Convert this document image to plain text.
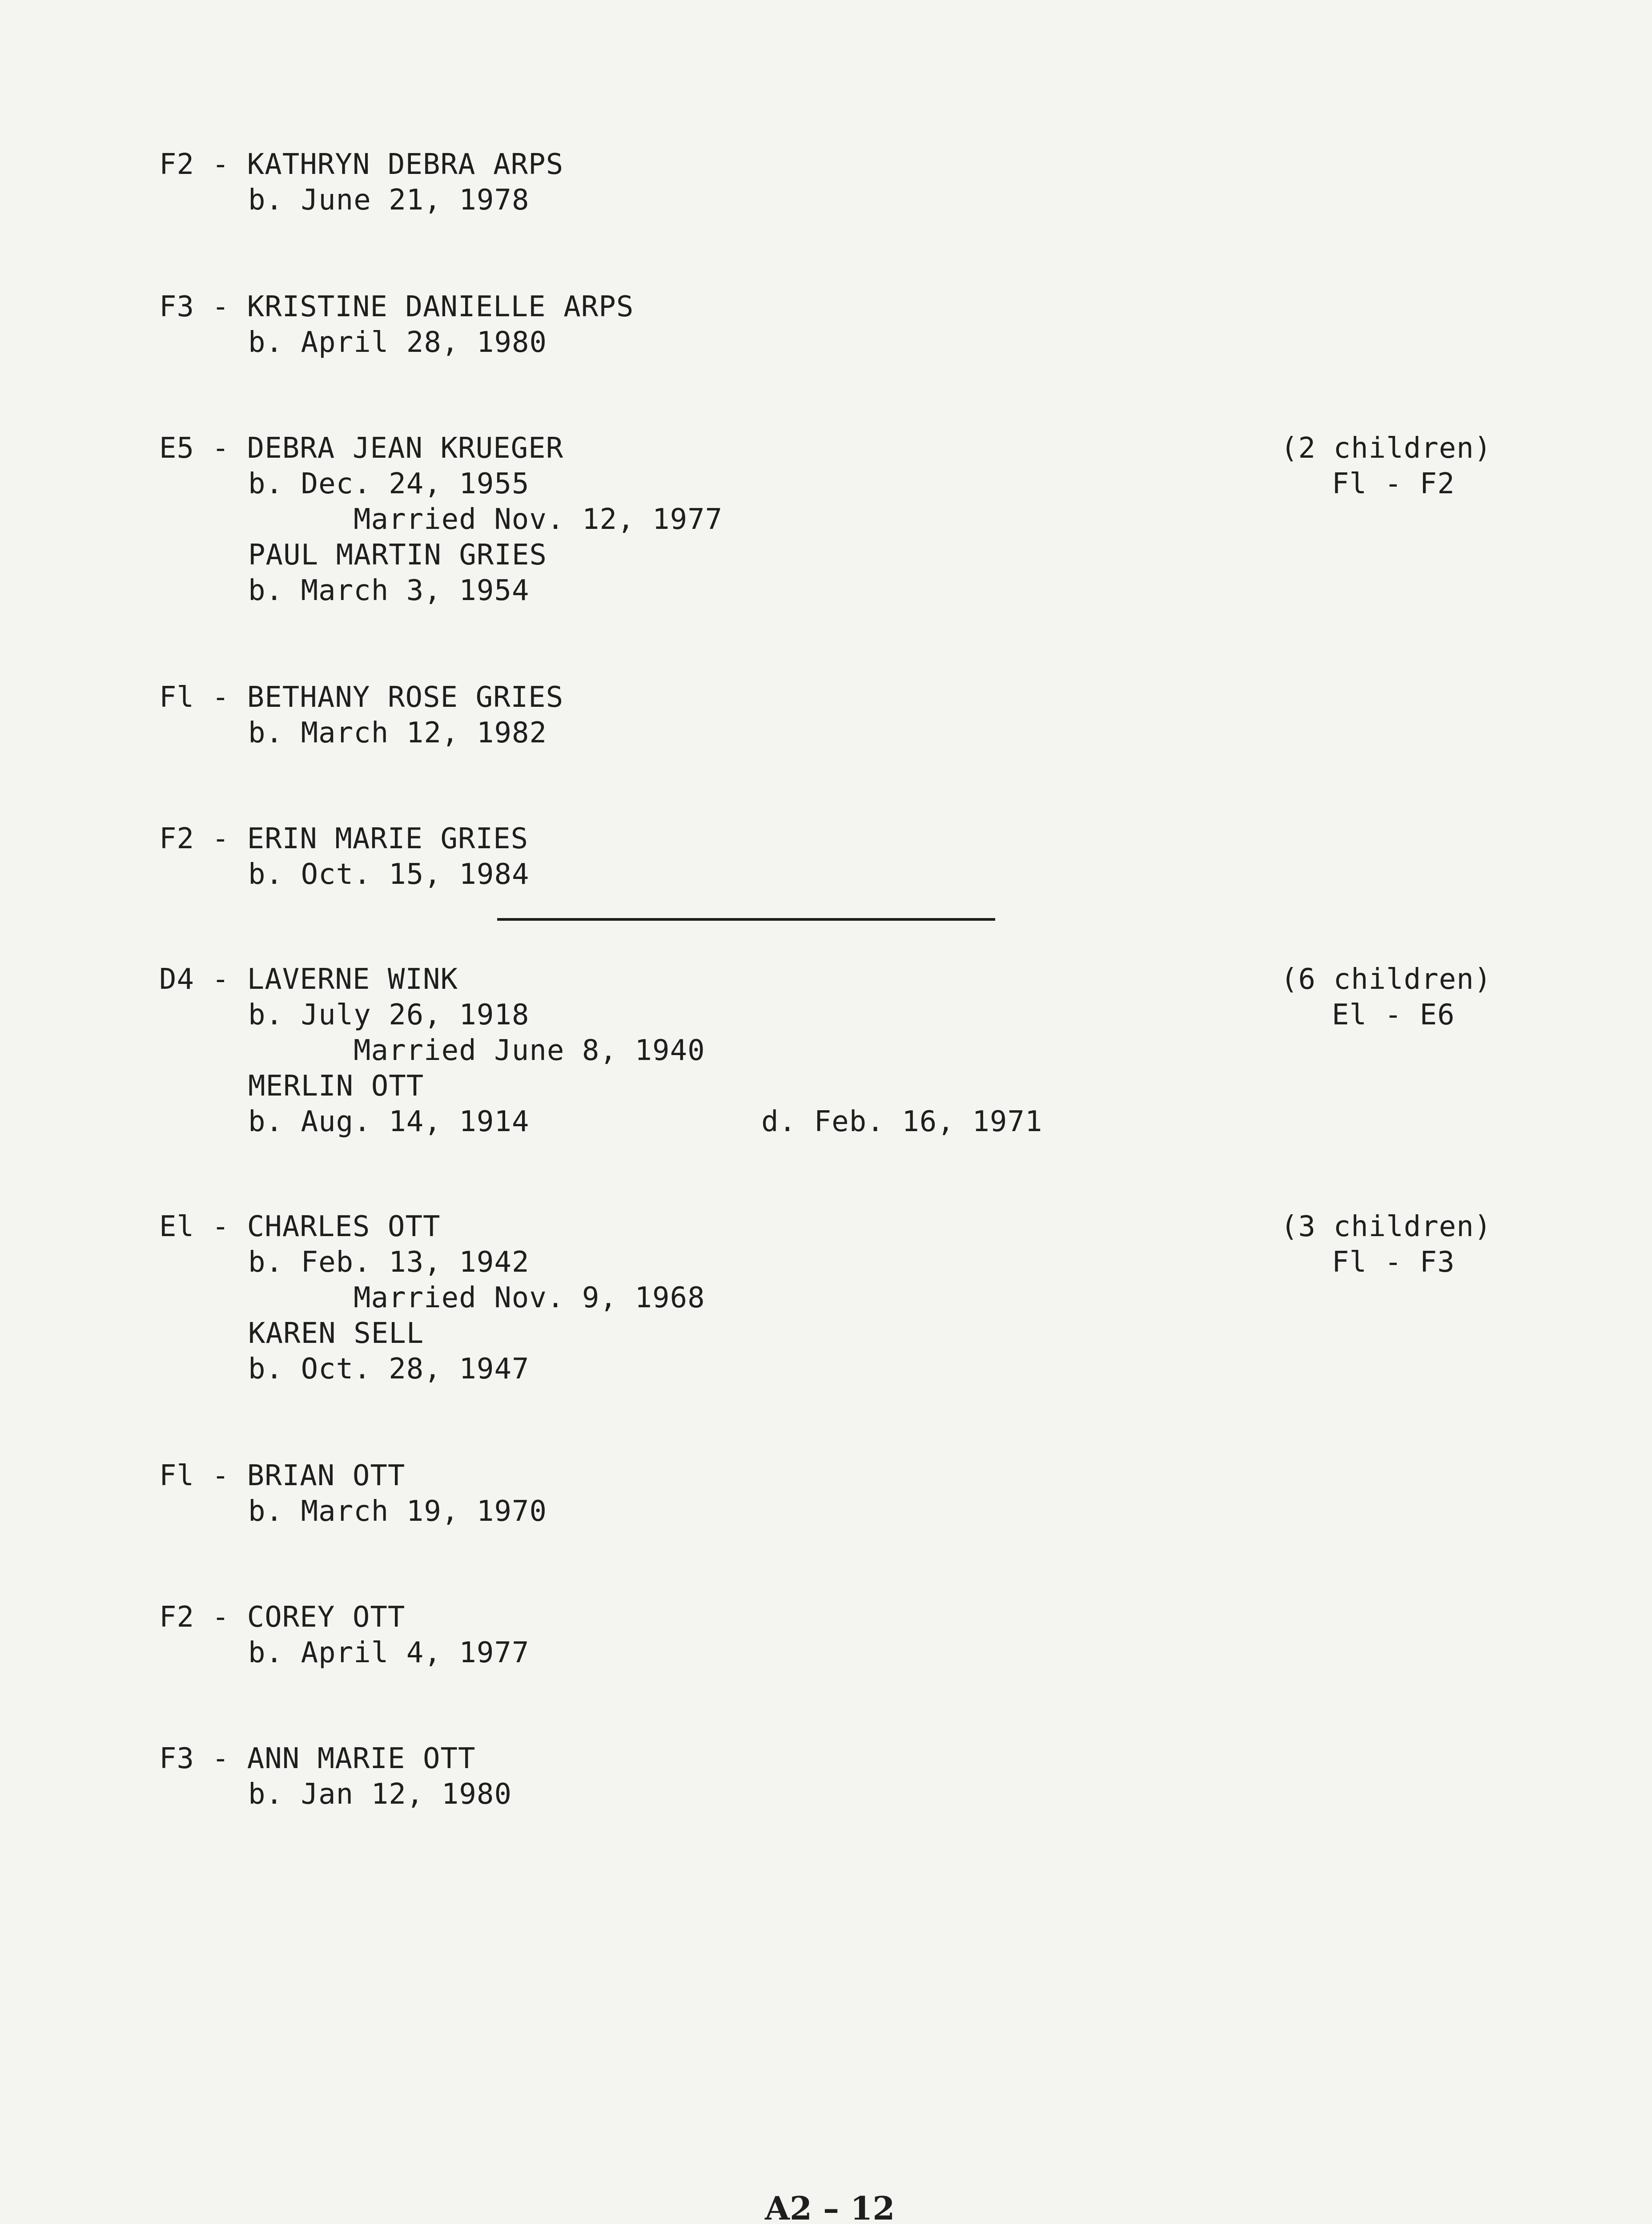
F2 - KATHRYN DEBRA ARPS
b. June 21, 1978
F3 - KRISTINE DANIELLE ARPS
b. April 28, 1980
E5 - DEBRA JEAN KRUEGER
b. Dec. 24, 1955
Married Nov. 12, 1977
PAUL MARTIN GRIES
b. March 3, 1954
(2 children)
Fl - F2
Fl - BETHANY ROSE GRIES
b. March 12, 1982
F2 - ERIN MARIE GRIES
b. Oct. 15, 1984
D4 - LAVERNE WINK
b. July 26, 1918
Married June 8, 1940
MERLIN OTT
b. Aug. 14, 1914	d. Feb. 16, 1971
(6 children)
El - E6
El - CHARLES OTT
b. Feb. 13, 1942
Married Nov. 9, 1968
KAREN SELL
b. Oct. 28, 1947
(3 children)
Fl - F3
Fl - BRIAN OTT
b. March 19, 1970
F2 - COREY OTT
b. April 4, 1977
F3 - ANN MARIE OTT
b. Jan 12, 1980
A2 – 12
